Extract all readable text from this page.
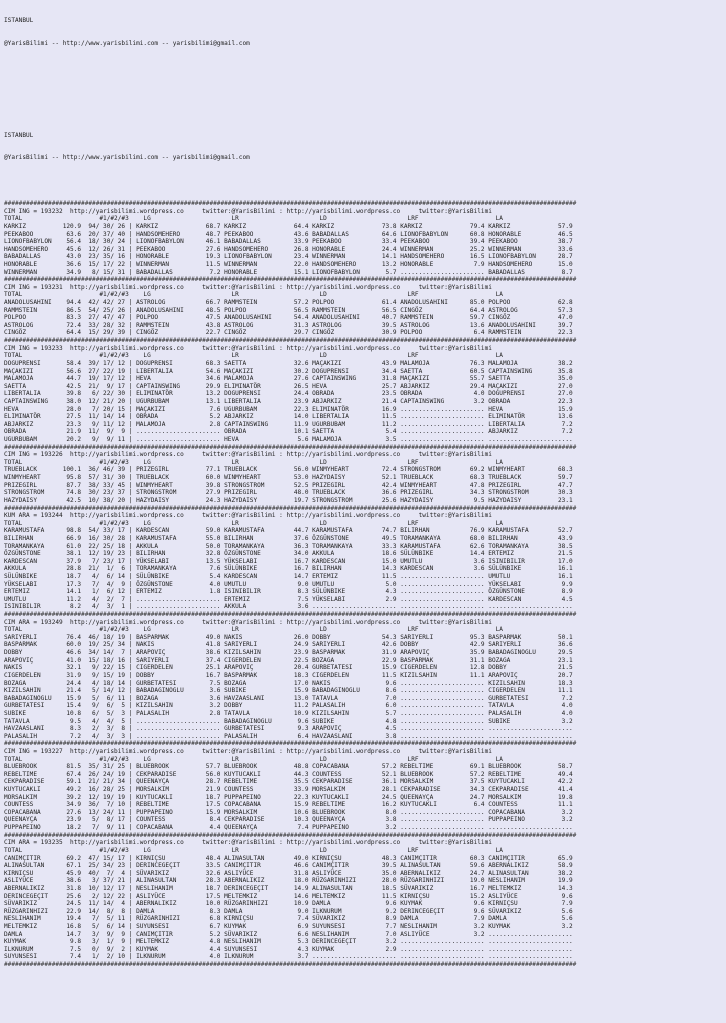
ISTANBUL

@YarisBilimi -- http://www.yarisbilimi.com -- yarisbilimi@gmail.com

ISTANBUL

@YarisBilimi -- http://www.yarisbilimi.com -- yarisbilimi@gmail.com

############################################################################################################################################################
CIM ING = 193232  http://yarisbilimi.wordpress.co     twitter:@YarisBilimi : http://yarisbilimi.wordpress.co     twitter:@YarisBilimi
TOTAL                     #1/#2/#3    LG                      LR                      LD                      LRF                     LA
KARKIZ          120.9  94/ 30/ 26 | KARKIZ             68.7 KARKIZ             64.4 KARKIZ             73.8 KARKIZ             79.4 KARKIZ             57.9
PEEKABOO         63.6  20/ 37/ 40 | HANDSOMEHERO       48.7 PEEKABOO           43.6 BABADALLAS         64.6 LIONOFBABYLON      60.8 HONORABLE          46.5
LIONOFBABYLON    56.4  18/ 30/ 24 | LIONOFBABYLON      46.1 BABADALLAS         33.9 PEEKABOO           33.4 PEEKABOO           39.4 PEEKABOO           38.7
HANDSOMEHERO     45.6  12/ 26/ 31 | PEEKABOO           27.6 HANDSOMEHERO       26.8 HONORABLE          24.4 WINNERMAN          25.2 WINNERMAN          33.6
BABADALLAS       43.0  23/ 35/ 16 | HONORABLE          19.3 LIONOFBABYLON      23.4 WINNERMAN          14.1 HANDSOMEHERO       16.5 LIONOFBABYLON      28.7
HONORABLE        36.6  15/ 17/ 22 | WINNERMAN          11.5 WINNERMAN          22.0 HANDSOMEHERO       13.2 HONORABLE           7.9 HANDSOMEHERO       15.0
WINNERMAN        34.9   8/ 15/ 31 | BABADALLAS          7.2 HONORABLE          15.1 LIONOFBABYLON       5.7 ....................... BABADALLAS          8.7
############################################################################################################################################################
CIM ING = 193231  http://yarisbilimi.wordpress.co     twitter:@YarisBilimi : http://yarisbilimi.wordpress.co     twitter:@YarisBilimi
TOTAL                     #1/#2/#3    LG                      LR                      LD                      LRF                     LA
ANADOLUSAHINI    94.4  42/ 42/ 27 | ASTROLOG           66.7 RAMMSTEIN          57.2 POLPOO             61.4 ANADOLUSAHINI      85.0 POLPOO             62.8
RAMMSTEIN        86.5  54/ 25/ 26 | ANADOLUSAHINI      48.5 POLPOO             56.5 RAMMSTEIN          56.5 CINGÖZ             64.4 ASTROLOG           57.3
POLPOO           83.3  27/ 47/ 47 | POLPOO             47.5 ANADOLUSAHINI      54.4 ANADOLUSAHINI      40.7 RAMMSTEIN          59.7 CINGÖZ             47.0
ASTROLOG         72.4  33/ 28/ 32 | RAMMSTEIN          43.8 ASTROLOG           31.3 ASTROLOG           39.5 ASTROLOG           13.6 ANADOLUSAHINI      39.7
CINGÖZ           64.4  15/ 29/ 39 | CINGÖZ             22.7 CINGÖZ             29.7 CINGÖZ             30.9 POLPOO              6.4 RAMMSTEIN          22.3
############################################################################################################################################################
CIM ING = 193233  http://yarisbilimi.wordpress.co     twitter:@YarisBilimi : http://yarisbilimi.wordpress.co     twitter:@YarisBilimi
TOTAL                     #1/#2/#3    LG                      LR                      LD                      LRF                     LA
DOGUPRENSI       58.4  39/ 17/ 12 | DOGUPRENSI         68.3 SAETTA             32.6 MAÇAKIZI           43.9 MALAMOJA           76.3 MALAMOJA           38.2
MAÇAKIZI         56.6  27/ 22/ 19 | LIBERTALIA         54.6 MAÇAKIZI           30.2 DOGUPRENSI         34.4 SAETTA             60.5 CAPTAINSWING       35.8
MALAMOJA         44.7  19/ 17/ 12 | HEVA               34.6 MALAMOJA           27.6 CAPTAINSWING       31.8 MAÇAKIZI           55.7 SAETTA             35.0
SAETTA           42.5  21/  9/ 17 | CAPTAINSWING       29.9 ELIMINATÖR         26.5 HEVA               25.7 ABJARKIZ           29.4 MAÇAKIZI           27.0
LIBERTALIA       39.8   6/ 22/ 30 | ELIMINATÖR         13.2 DOGUPRENSI         24.4 OBRADA             23.5 OBRADA              4.0 DOGUPRENSI         27.0
CAPTAINSWING     38.0  12/ 21/ 20 | UGURBUBAM          13.1 LIBERTALIA         23.9 ABJARKIZ           21.4 CAPTAINSWING        3.2 OBRADA             22.3
HEVA             28.0   7/ 20/ 15 | MAÇAKIZI            7.6 UGURBUBAM          22.3 ELIMINATÖR         16.9 ....................... HEVA               15.9
ELIMINATÖR       27.5  11/ 14/ 14 | OBRADA              5.2 ABJARKIZ           14.0 LIBERTALIA         11.5 ....................... ELIMINATÖR         13.6
ABJARKIZ         23.3   9/ 11/ 12 | MALAMOJA            2.8 CAPTAINSWING       11.9 UGURBUBAM          11.2 ....................... LIBERTALIA          7.2
OBRADA           21.9  11/  9/  9 | ....................... OBRADA             10.1 SAETTA              5.4 ....................... ABJARKIZ            7.2
UGURBUBAM        20.2   9/  9/ 11 | ....................... HEVA                5.6 MALAMOJA            3.5 ....................... .......................
############################################################################################################################################################
CIM ING = 193226  http://yarisbilimi.wordpress.co     twitter:@YarisBilimi : http://yarisbilimi.wordpress.co     twitter:@YarisBilimi
TOTAL                     #1/#2/#3    LG                      LR                      LD                      LRF                     LA
TRUEBLACK       100.1  36/ 46/ 39 | PRIZEGIRL          77.1 TRUEBLACK          56.0 WINMYHEART         72.4 STRONGSTROM        69.2 WINMYHEART         68.3
WINMYHEART       95.8  57/ 31/ 30 | TRUEBLACK          60.0 WINMYHEART         53.0 HAZYDAISY          52.1 TRUEBLACK          68.3 TRUEBLACK          59.7
PRIZEGIRL        87.7  38/ 33/ 45 | WINMYHEART         39.8 STRONGSTROM        52.5 PRIZEGIRL          42.4 WINMYHEART         47.8 PRIZEGIRL          47.7
STRONGSTROM      74.8  30/ 23/ 37 | STRONGSTROM        27.9 PRIZEGIRL          48.0 TRUEBLACK          36.6 PRIZEGIRL          34.3 STRONGSTROM        30.3
HAZYDAISY        42.5  10/ 38/ 20 | HAZYDAISY          24.3 HAZYDAISY          19.7 STRONGSTROM        25.6 HAZYDAISY           9.5 HAZYDAISY          23.1
############################################################################################################################################################
KUM ARA = 193244  http://yarisbilimi.wordpress.co     twitter:@YarisBilimi : http://yarisbilimi.wordpress.co     twitter:@YarisBilimi
TOTAL                     #1/#2/#3    LG                      LR                      LD                      LRF                     LA
KARAMUSTAFA      98.8  54/ 33/ 17 | KARDESCAN          59.0 KARAMUSTAFA        44.7 KARAMUSTAFA        74.7 BILIRHAN           76.9 KARAMUSTAFA        52.7
BILIRHAN         66.9  16/ 30/ 28 | KARAMUSTAFA        55.0 BILIRHAN           37.6 ÖZGÜNSTONE         49.5 TORAMANKAYA        68.0 BILIRHAN           43.9
TORAMANKAYA      61.0  22/ 25/ 18 | AKKULA             50.0 TORAMANKAYA        36.3 TORAMANKAYA        33.3 KARAMUSTAFA        62.6 TORAMANKAYA        38.5
ÖZGÜNSTONE       38.1  12/ 19/ 23 | BILIRHAN           32.8 ÖZGÜNSTONE         34.0 AKKULA             18.6 SÜLÜNBIKE          14.4 ERTEMIZ            21.5
KARDESCAN        37.9   7/ 23/ 17 | YÜKSELABI          13.5 YÜKSELABI          16.7 KARDESCAN          15.0 UMUTLU              3.6 ISINIBILIR         17.0
AKKULA           28.8  21/  1/  6 | TORAMANKAYA         7.6 SÜLÜNBIKE          16.7 BILIRHAN           14.3 KARDESCAN           3.6 SÜLÜNBIKE          16.1
SÜLÜNBIKE        18.7   4/  6/ 14 | SÜLÜNBIKE           5.4 KARDESCAN          14.7 ERTEMIZ            11.5 ....................... UMUTLU             16.1
YÜKSELABI        17.3   7/  4/  9 | ÖZGÜNSTONE          4.0 UMUTLU              9.0 UMUTLU              5.0 ....................... YÜKSELABI           9.9
ERTEMIZ          14.1   1/  6/ 12 | ERTEMIZ             1.8 ISINIBILIR          8.3 SÜLÜNBIKE           4.3 ....................... ÖZGÜNSTONE          8.9
UMUTLU           11.2   4/  2/  7 | ....................... ERTEMIZ             7.5 YÜKSELABI           2.9 ....................... KARDESCAN           4.5
ISINIBILIR        8.2   4/  3/  1 | ....................... AKKULA              3.6 ....................... ....................... .......................
############################################################################################################################################################
CIM ARA = 193249  http://yarisbilimi.wordpress.co     twitter:@YarisBilimi : http://yarisbilimi.wordpress.co     twitter:@YarisBilimi
TOTAL                     #1/#2/#3    LG                      LR                      LD                      LRF                     LA
SARIYERLI        76.4  46/ 18/ 19 | BASPARMAK          49.0 NAKIS              26.0 DOBBY              54.3 SARIYERLI          95.3 BASPARMAK          50.1
BASPARMAK        60.0  19/ 25/ 34 | NAKIS              41.8 SARIYERLI          24.9 SARIYERLI          42.6 DOBBY              42.9 SARIYERLI          36.6
DOBBY            46.6  34/ 14/  7 | ARAPOVIÇ           38.6 KIZILSAHIN         23.9 BASPARMAK          31.9 ARAPOVIÇ           35.9 BABADAGINOGLU      29.5
ARAPOVIÇ         41.0  15/ 18/ 16 | SARIYERLI          37.4 CIGERDELEN         22.5 BOZAGA             22.9 BASPARMAK          31.1 BOZAGA             23.1
NAKIS            32.1   9/ 22/ 15 | CIGERDELEN         25.1 ARAPOVIÇ           20.4 GURBETATESI        15.9 CIGERDELEN         12.8 DOBBY              21.5
CIGERDELEN       31.9   9/ 15/ 19 | DOBBY              16.7 BASPARMAK          18.3 CIGERDELEN         11.5 KIZILSAHIN         11.1 ARAPOVIÇ           20.7
BOZAGA           24.4   4/ 18/ 14 | GURBETATESI         7.5 BOZAGA             17.0 NAKIS               9.6 ....................... KIZILSAHIN         18.3
KIZILSAHIN       21.4   5/ 14/ 12 | BABADAGINOGLU       3.6 SUBIKE             15.9 BABADAGINOGLU       8.6 ....................... CIGERDELEN         11.1
BABADAGINOGLU    15.9   5/  6/ 11 | BOZAGA              3.6 HAVZAASLANI        13.0 TATAVLA             7.0 ....................... GURBETATESI         7.2
GURBETATESI      15.4   9/  6/  5 | KIZILSAHIN          3.2 DOBBY              11.2 PALASALIH           6.0 ....................... TATAVLA             4.0
SUBIKE           10.8   6/  5/  3 | PALASALIH           2.8 TATAVLA            10.9 KIZILSAHIN          5.7 ....................... PALASALIH           4.0
TATAVLA           9.5   4/  4/  5 | ....................... BABADAGINOGLU       9.6 SUBIKE              4.8 ....................... SUBIKE              3.2
HAVZAASLANI       8.3   2/  3/  8 | ....................... GURBETATESI         9.3 ARAPOVIÇ            4.5 ....................... .......................
PALASALIH         7.2   4/  3/  3 | ....................... PALASALIH           6.4 HAVZAASLANI         3.8 ....................... .......................
############################################################################################################################################################
CIM ING = 193227  http://yarisbilimi.wordpress.co     twitter:@YarisBilimi : http://yarisbilimi.wordpress.co     twitter:@YarisBilimi
TOTAL                     #1/#2/#3    LG                      LR                      LD                      LRF                     LA
BLUEBROOK        81.5  35/ 31/ 25 | BLUEBROOK          57.7 BLUEBROOK          48.8 COPACABANA         57.2 REBELTIME          69.1 BLUEBROOK          58.7
REBELTIME        67.4  26/ 24/ 19 | CEKPARADISE        56.0 KUYTUCAKLI         44.3 COUNTESS           52.1 BLUEBROOK          57.2 REBELTIME          49.4
CEKPARADISE      59.1  21/ 21/ 34 | QUEENAYÇA          28.7 REBELTIME          35.5 CEKPARADISE        36.1 MORSALKIM          37.5 KUYTUCAKLI         42.2
KUYTUCAKLI       49.2  16/ 28/ 25 | MORSALKIM          21.9 COUNTESS           33.9 MORSALKIM          28.1 CEKPARADISE        34.3 CEKPARADISE        41.4
MORSALKIM        39.2  12/ 19/ 19 | KUYTUCAKLI         18.7 PUPPAPEINO         22.3 KUYTUCAKLI         24.5 QUEENAYÇA          24.7 MORSALKIM          19.8
COUNTESS         34.9  36/  7/ 10 | REBELTIME          17.5 COPACABANA         15.9 REBELTIME          16.2 KUYTUCAKLI          6.4 COUNTESS           11.1
COPACABANA       27.6  13/ 24/ 11 | PUPPAPEINO         15.9 MORSALKIM          10.6 BLUEBROOK           8.0 ....................... COPACABANA          3.2
QUEENAYÇA        23.9   5/  8/ 17 | COUNTESS            8.4 CEKPARADISE        10.3 QUEENAYÇA           3.8 ....................... PUPPAPEINO          3.2
PUPPAPEINO       18.2   7/  9/ 11 | COPACABANA          4.4 QUEENAYÇA           7.4 PUPPAPEINO          3.2 ....................... .......................
############################################################################################################################################################
CIM ARA = 193235  http://yarisbilimi.wordpress.co     twitter:@YarisBilimi : http://yarisbilimi.wordpress.co     twitter:@YarisBilimi
TOTAL                     #1/#2/#3    LG                      LR                      LD                      LRF                     LA
CANIMÇITIR       69.2  47/ 15/ 17 | KIRNIÇSU           48.4 ALINASULTAN        49.0 KIRNIÇSU           48.3 CANIMÇITIR         60.3 CANIMÇITIR         65.9
ALINASULTAN      67.1  25/ 34/ 23 | DERINCEGEÇIT       33.5 CANIMÇITIR         46.6 CANIMÇITIR         39.5 ALINASULTAN        59.6 ABERNALIKIZ        58.9
KIRNIÇSU         45.9  40/  7/  4 | SÜVARIKIZ          32.6 ASLIYÜCE           31.8 ASLIYÜCE           35.0 ABERNALIKIZ        24.7 ALINASULTAN        38.2
ASLIYÜCE         38.6   3/ 37/ 21 | ALINASULTAN        28.3 ABERNALIKIZ        18.0 RÜZGARINHIZI       28.0 RÜZGARINHIZI       19.0 NESLIHANIM         19.9
ABERNALIKIZ      31.8  10/ 12/ 17 | NESLIHANIM         18.7 DERINCEGEÇIT       14.9 ALINASULTAN        18.5 SÜVARIKIZ          16.7 MELTEMKIZ          14.3
DERINCEGEÇIT     25.6   2/ 12/ 22 | ASLIYÜCE           17.5 MELTEMKIZ          14.6 MELTEMKIZ          11.5 KIRNIÇSU           15.2 ASLIYÜCE            9.6
SÜVARIKIZ        24.5  11/ 14/  4 | ABERNALIKIZ        10.0 RÜZGARINHIZI       10.9 DAMLA               9.6 KUYMAK              9.6 KIRNIÇSU            7.9
RÜZGARINHIZI     22.9  14/  8/  8 | DAMLA               8.3 DAMLA               9.0 ILKNURUM            9.2 DERINCEGEÇIT        9.6 SÜVARIKIZ           5.6
NESLIHANIM       19.4   7/  5/ 11 | RÜZGARINHIZI        6.8 KIRNIÇSU            7.4 SÜVARIKIZ           8.9 DAMLA               7.9 DAMLA               5.6
MELTEMKIZ        16.8   5/  6/ 14 | SUYUNSESI           6.7 KUYMAK              6.9 SUYUNSESI           7.7 NESLIHANIM          3.2 KUYMAK              3.2
DAMLA            14.7   3/  9/  9 | CANIMÇITIR          5.2 SÜVARIKIZ           6.6 NESLIHANIM          7.0 ASLIYÜCE            3.2 .......................
KUYMAK            9.8   3/  1/  9 | MELTEMKIZ           4.8 NESLIHANIM          5.3 DERINCEGEÇIT        3.2 ....................... .......................
ILKNURUM          7.5   0/  9/  2 | KUYMAK              4.4 SUYUNSESI           4.3 KUYMAK              2.9 ....................... .......................
SUYUNSESI         7.4   1/  2/ 10 | ILKNURUM            4.0 ILKNURUM            3.7 ....................... ....................... .......................
############################################################################################################################################################
